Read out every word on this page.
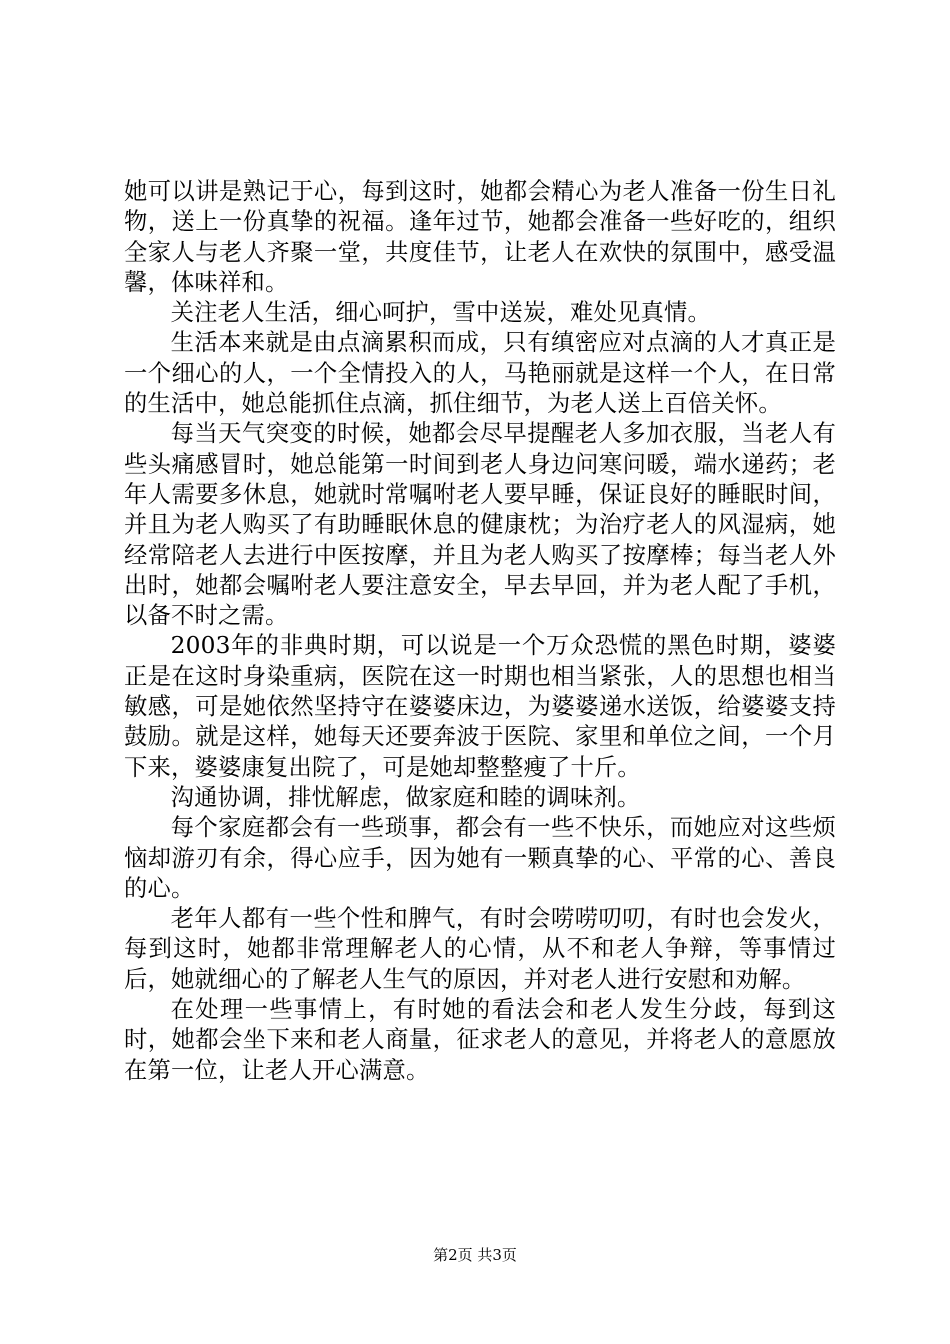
她可以讲是熟记于心，每到这时，她都会精心为老人准备一份生日礼物，送上一份真挚的祝福。逢年过节，她都会准备一些好吃的，组织全家人与老人齐聚一堂，共度佳节，让老人在欢快的氛围中，感受温馨，体味祥和。

关注老人生活，细心呵护，雪中送炭，难处见真情。

生活本来就是由点滴累积而成，只有缜密应对点滴的人才真正是一个细心的人，一个全情投入的人，马艳丽就是这样一个人，在日常的生活中，她总能抓住点滴，抓住细节，为老人送上百倍关怀。

每当天气突变的时候，她都会尽早提醒老人多加衣服，当老人有些头痛感冒时，她总能第一时间到老人身边问寒问暖，端水递药；老年人需要多休息，她就时常嘱咐老人要早睡，保证良好的睡眠时间，并且为老人购买了有助睡眠休息的健康枕；为治疗老人的风湿病，她经常陪老人去进行中医按摩，并且为老人购买了按摩棒；每当老人外出时，她都会嘱咐老人要注意安全，早去早回，并为老人配了手机，以备不时之需。

2003年的非典时期，可以说是一个万众恐慌的黑色时期，婆婆正是在这时身染重病，医院在这一时期也相当紧张，人的思想也相当敏感，可是她依然坚持守在婆婆床边，为婆婆递水送饭，给婆婆支持鼓励。就是这样，她每天还要奔波于医院、家里和单位之间，一个月下来，婆婆康复出院了，可是她却整整瘦了十斤。

沟通协调，排忧解虑，做家庭和睦的调味剂。

每个家庭都会有一些琐事，都会有一些不快乐，而她应对这些烦恼却游刃有余，得心应手，因为她有一颗真挚的心、平常的心、善良的心。

老年人都有一些个性和脾气，有时会唠唠叨叨，有时也会发火，每到这时，她都非常理解老人的心情，从不和老人争辩，等事情过后，她就细心的了解老人生气的原因，并对老人进行安慰和劝解。

在处理一些事情上，有时她的看法会和老人发生分歧，每到这时，她都会坐下来和老人商量，征求老人的意见，并将老人的意愿放在第一位，让老人开心满意。

第2页 共3页
